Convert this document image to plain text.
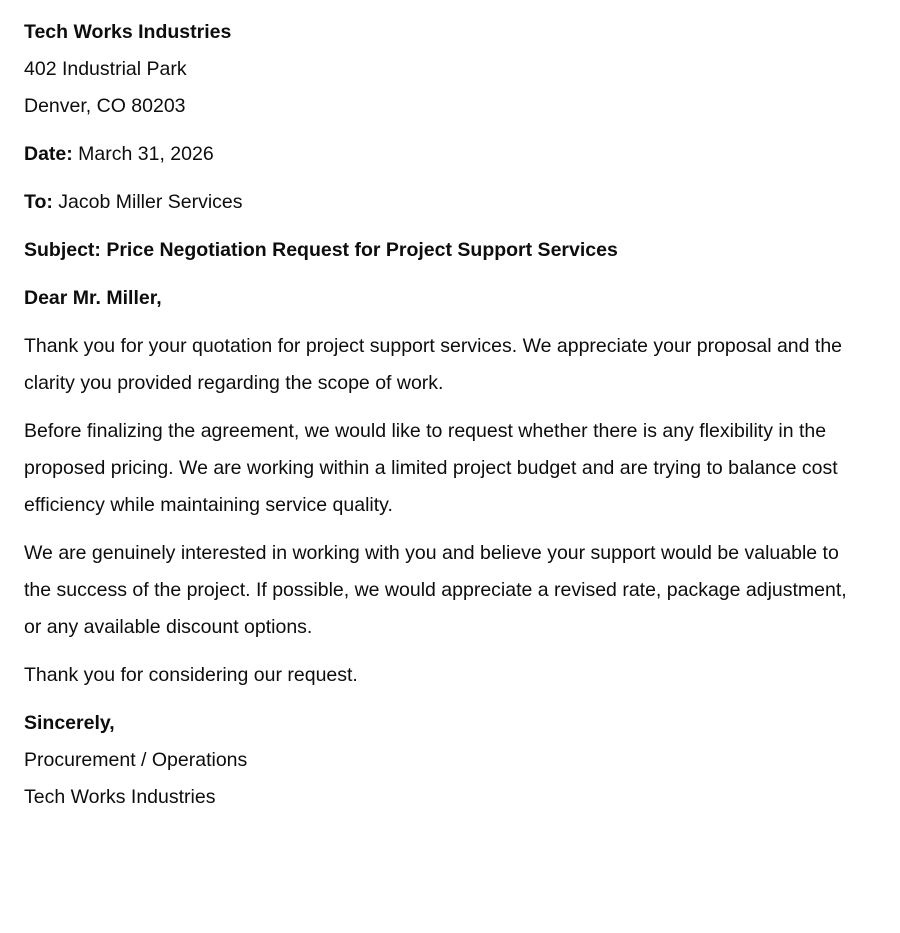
Tech Works Industries
402 Industrial Park
Denver, CO 80203
Date: March 31, 2026
To: Jacob Miller Services
Subject: Price Negotiation Request for Project Support Services
Dear Mr. Miller,

Thank you for your quotation for project support services. We appreciate your proposal and the clarity you provided regarding the scope of work.

Before finalizing the agreement, we would like to request whether there is any flexibility in the proposed pricing. We are working within a limited project budget and are trying to balance cost efficiency while maintaining service quality.

We are genuinely interested in working with you and believe your support would be valuable to the success of the project. If possible, we would appreciate a revised rate, package adjustment, or any available discount options.

Thank you for considering our request.

Sincerely,
Procurement / Operations
Tech Works Industries
